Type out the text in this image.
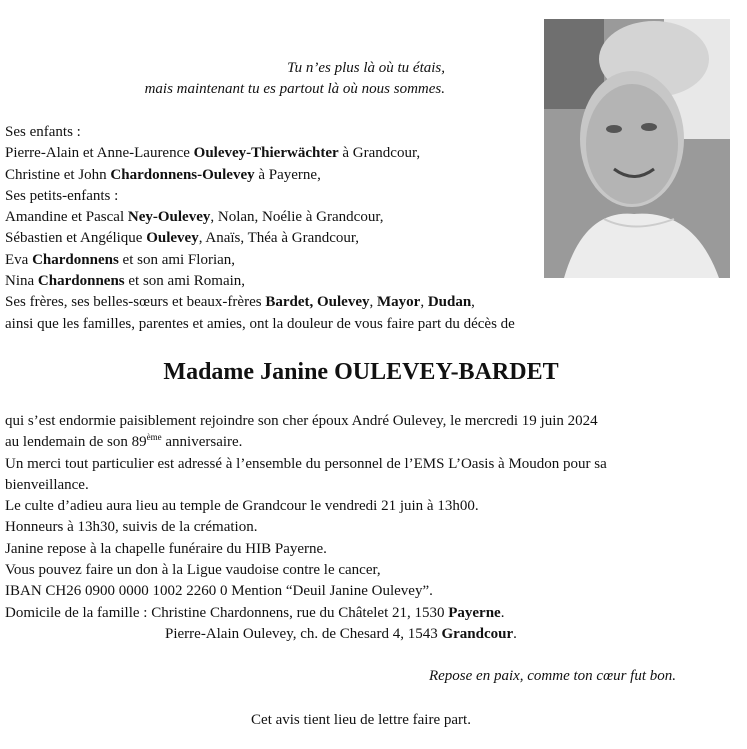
Tu n’es plus là où tu étais,
mais maintenant tu es partout là où nous sommes.
Ses enfants :
Pierre-Alain et Anne-Laurence Oulevey-Thierwächter à Grandcour,
Christine et John Chardonnens-Oulevey à Payerne,
Ses petits-enfants :
Amandine et Pascal Ney-Oulevey, Nolan, Noélie à Grandcour,
Sébastien et Angélique Oulevey, Anaïs, Théa à Grandcour,
Eva Chardonnens et son ami Florian,
Nina Chardonnens et son ami Romain,
Ses frères, ses belles-sœurs et beaux-frères Bardet, Oulevey, Mayor, Dudan,
ainsi que les familles, parentes et amies, ont la douleur de vous faire part du décès de
Madame Janine OULEVEY-BARDET
qui s’est endormie paisiblement rejoindre son cher époux André Oulevey, le mercredi 19 juin 2024
au lendemain de son 89ème anniversaire.
Un merci tout particulier est adressé à l’ensemble du personnel de l’EMS L’Oasis à Moudon pour sa
bienveillance.
Le culte d’adieu aura lieu au temple de Grandcour le vendredi 21 juin à 13h00.
Honneurs à 13h30, suivis de la crémation.
Janine repose à la chapelle funéraire du HIB Payerne.
Vous pouvez faire un don à la Ligue vaudoise contre le cancer,
IBAN CH26 0900 0000 1002 2260 0 Mention “Deuil Janine Oulevey”.
Domicile de la famille : Christine Chardonnens, rue du Châtelet 21, 1530 Payerne.
Pierre-Alain Oulevey, ch. de Chesard 4, 1543 Grandcour.
Repose en paix, comme ton cœur fut bon.
Cet avis tient lieu de lettre faire part.
